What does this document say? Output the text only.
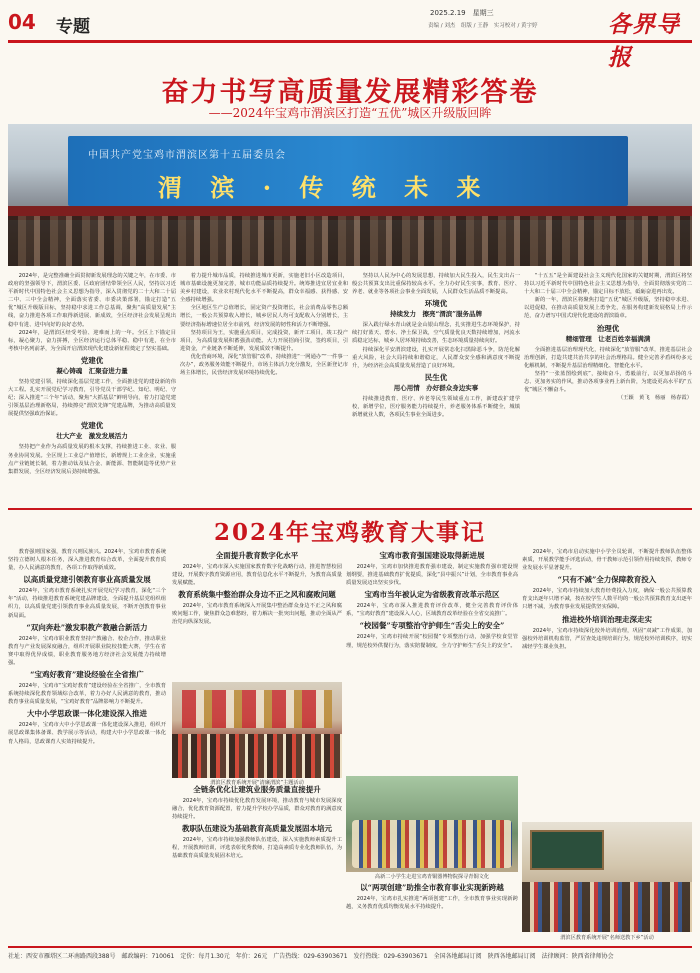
04 专题
2025.2.19　星期三
责编 / 刘杰　组版 / 王静　实习校对 / 黄宇婷	各界导报
奋力书写高质量发展精彩答卷
——2024年宝鸡市渭滨区打造“五优”城区升级版回眸
中国共产党宝鸡市渭滨区第十五届委员会
渭 滨 · 传 统 未 来

2024年，是完整准确全面贯彻新发展理念的关键之年，在市委、市政府的坚强领导下，渭滨区委、区政府团结带领全区人民，坚持以习近平新时代中国特色社会主义思想为指导，深入贯彻党的二十大和二十届二中、三中全会精神，全面落实省委、市委决策部署，锚定打造“五优”城区升级版目标，坚持稳中求进工作总基调，聚焦“高质量发展”主线，奋力推进各项工作取得新进展、新成效，全区经济社会发展呈现出稳中有进、进中向好的良好态势。

2024年，是渭滨区经受考验、迎难而上的一年。全区上下锚定目标，凝心聚力，奋力拼搏，全区经济运行总体平稳、稳中有进，在全市考核中名列前茅，为全面开启渭滨现代化建设新征程奠定了坚实基础。

党建优
凝心铸魂　汇聚奋进力量

坚持党建引领，持续深化基层党建工作，全面推进党的建设新的伟大工程。扎实开展党纪学习教育，引导党员干部学纪、知纪、明纪、守纪；深入推进“三个年”活动，聚焦“大抓基层”鲜明导向，着力打造党建引领基层治理新格局，持续擦亮“渭滨先锋”党建品牌，为推动高质量发展提供坚强政治保证。

党建优
壮大产业　激发发展活力

坚持把产业作为高质量发展的根本支撑，持续推进工业、农业、服务业协同发展。全区规上工业总产值增长，新增规上工业企业，实施重点产业链链长制，着力推动钛及钛合金、新能源、智能制造等优势产业集群发展，全区经济发展后劲持续增强。

着力提升城市品质，持续推进城市更新，实施老旧小区改造项目，城市基础设施更加完善，城市功能品质持续提升。统筹推进宜居宜业和美乡村建设，农业农村现代化水平不断提高，群众幸福感、获得感、安全感持续增强。

全区地区生产总值增长，固定资产投资增长，社会消费品零售总额增长，一般公共预算收入增长，城乡居民人均可支配收入分别增长，主要经济指标增速位居全市前列，经济发展的韧性和活力不断增强。

坚持项目为王，实施重点项目，完成投资，新开工项目，竣工投产项目，为高质量发展积蓄强劲动能。大力开展招商引资，签约项目，引进资金，产业链条不断延伸，发展质效不断提升。

优化营商环境，深化“放管服”改革，持续推进“一网通办”“一件事一次办”，政务服务效能不断提升，市场主体活力充分激发，全区新登记市场主体增长，民营经济发展环境持续优化。

坚持以人民为中心的发展思想，持续加大民生投入，民生支出占一般公共预算支出比重保持较高水平。全力办好民生实事，教育、医疗、养老、就业等各项社会事业全面发展，人民群众生活品质不断提高。

环境优
持续发力　擦亮“渭滨”服务品牌

深入践行绿水青山就是金山银山理念，扎实推进生态环境保护，持续打好蓝天、碧水、净土保卫战，空气质量优良天数持续增加，河流水质稳定达标，城乡人居环境持续改善，生态环境质量持续向好。

持续深化平安渭滨建设，扎实开展常态化扫黑除恶斗争，防范化解重大风险，社会大局持续和谐稳定，人民群众安全感和满意度不断提升，为经济社会高质量发展营造了良好环境。

民生优
用心用情　办好群众身边实事

持续推进教育、医疗、养老等民生领域重点工作，新建改扩建学校，新增学位，医疗服务能力持续提升，养老服务体系不断健全，城镇新增就业人数，各项民生事业全面进步。

“十五五”是全面建设社会主义现代化国家的关键时期，渭滨区将坚持以习近平新时代中国特色社会主义思想为指导，全面贯彻落实党的二十大和二十届三中全会精神，锚定目标不放松，砥砺奋进再出发。

新的一年，渭滨区将聚焦打造“五优”城区升级版，坚持稳中求进、以进促稳，在推动高质量发展上勇争先，在服务构建新发展格局上作示范，奋力谱写中国式现代化建设的渭滨篇章。

治理优
精细管理　让老百姓幸福满满

全面推进基层治理现代化，持续深化“放管服”改革，推进基层社会治理创新，打造共建共治共享的社会治理格局。健全完善矛盾纠纷多元化解机制，不断提升基层治理精细化、智能化水平。

坚持“一张蓝图绘到底”，接续奋斗，勇毅前行，以更加昂扬的斗志、更加务实的作风，推动各项事业再上新台阶，为建设更高水平的“五优”城区不懈奋斗。

（王颖　黄飞　杨丽　杨春霞）
2024年宝鸡教育大事记

教育强则国家强，教育兴则民族兴。2024年，宝鸡市教育系统坚持立德树人根本任务，深入推进教育综合改革，全面提升教育质量，办人民满意的教育，各项工作取得新成效。

以高质量党建引领教育事业高质量发展

2024年，宝鸡市教育系统扎实开展党纪学习教育，深化“三个年”活动，持续推进教育系统党建品牌建设，全面提升基层党组织组织力，以高质量党建引领教育事业高质量发展，不断开创教育事业新局面。

“双向奔赴”激发职教产教融合新活力

2024年，宝鸡市职业教育坚持产教融合、校企合作，推动职业教育与产业发展深度融合，组织开展职业院校技能大赛，学生在省赛中取得优异成绩，职业教育服务地方经济社会发展能力持续增强。

“宝鸡好教育”建设经验在全省推广

2024年，宝鸡市“宝鸡好教育”建设经验在全省推广，全市教育系统持续深化教育领域综合改革，着力办好人民满意的教育，推动教育事业高质量发展，“宝鸡好教育”品牌影响力不断提升。

大中小学思政课一体化建设深入推进

2024年，宝鸡市大中小学思政课一体化建设深入推进，组织开展思政课集体备课、教学展示等活动，构建大中小学思政课一体化育人格局，思政课育人实效持续提升。

全面提升教育数字化水平

2024年，宝鸡市深入实施国家教育数字化战略行动，推进智慧校园建设，开展数字教育资源应用，教育信息化水平不断提升，为教育高质量发展赋能。

教育系统集中整治群众身边不正之风和腐败问题

2024年，宝鸡市教育系统深入开展集中整治群众身边不正之风和腐败问题工作，聚焦群众急难愁盼，着力解决一批突出问题，推动全面从严治党向纵深发展。

渭滨区教育系统开展“清廉渭滨”主题活动
全链条优化让建筑业服务质量直接提升

2024年，宝鸡市持续优化教育发展环境，推动教育与城市发展深度融合，优化教育资源配置，着力提升学校办学品质，群众对教育的满意度持续提升。

教职队伍建设为基础教育高质量发展固本培元

2024年，宝鸡市持续加强教师队伍建设，深入实施教师素质提升工程，开展教师培训，评选表彰优秀教师，打造高素质专业化教师队伍，为基础教育高质量发展固本培元。

宝鸡市教育强国建设取得新进展

2024年，宝鸡市加快推进教育强市建设，制定实施教育强市建设规划纲要，推进基础教育扩优提质，深化“县中振兴”计划，全市教育事业高质量发展迈出坚实步伐。

宝鸡市当年被认定为省级教育改革示范区

2024年，宝鸡市深入推进教育评价改革，健全完善教育评价体系，“宝鸡好教育”建设深入人心，区域教育改革经验在全省交流推广。

“校园餐”专项整治守护师生“舌尖上的安全”

2024年，宝鸡市持续开展“校园餐”专项整治行动，加强学校食堂管理，规范校外供餐行为，落实陪餐制度，全力守护师生“舌尖上的安全”。

高新二小学生走进宝鸡青铜器博物院探寻青铜文化
以“两项创建”助推全市教育事业实现新跨越

2024年，宝鸡市扎实推进“两项创建”工作，全市教育事业实现新跨越，义务教育优质均衡发展水平持续提升。

2024年，宝鸡市启动实施中小学全员轮训，不断提升教师队伍整体素质，开展教学能手评选活动，骨干教师示范引领作用持续发挥，教师专业发展水平显著提升。

“只有不减”全力保障教育投入

2024年，宝鸡市持续加大教育经费投入力度，确保一般公共预算教育支出逐年只增不减，按在校学生人数平均的一般公共预算教育支出逐年只增不减，为教育事业发展提供坚实保障。

推进校外培训治理走深走实

2024年，宝鸡市持续深化校外培训治理，巩固“双减”工作成果，加强校外培训机构监管，严厉查处违规培训行为，规范校外培训秩序，切实减轻学生课业负担。

渭滨区教育系统开展“名师送教下乡”活动
社址：西安市雁塔区二环南路西段388号　邮政编码：710061　定价：每月1.30元　年价：26元　广告热线：029-63903671　发行热线：029-63903671　全国各地邮局订阅　陕西各地邮局订阅　法律顾问：陕西省律师协会
